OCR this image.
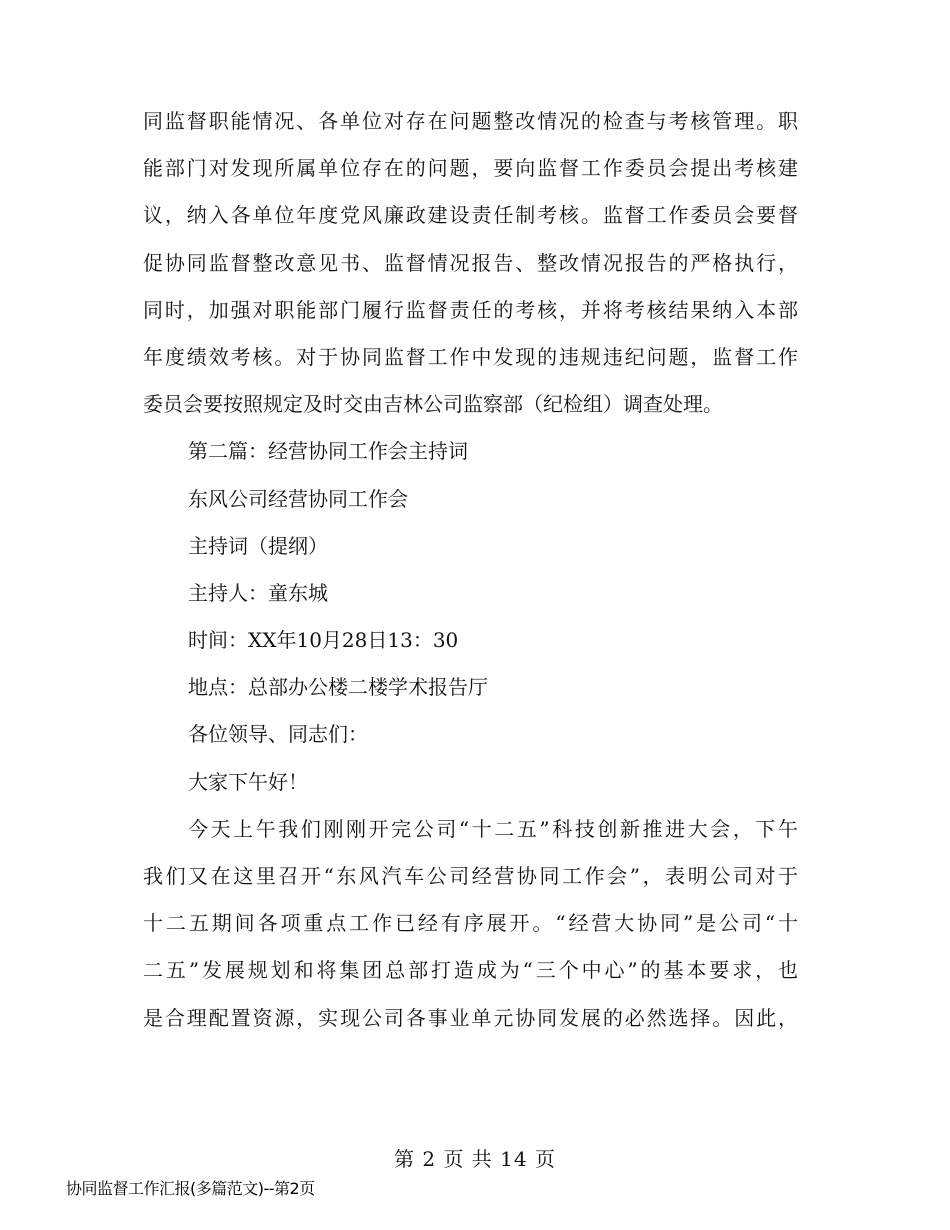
同监督职能情况、各单位对存在问题整改情况的检查与考核管理。职
能部门对发现所属单位存在的问题，要向监督工作委员会提出考核建
议，纳入各单位年度党风廉政建设责任制考核。监督工作委员会要督
促协同监督整改意见书、监督情况报告、整改情况报告的严格执行，
同时，加强对职能部门履行监督责任的考核，并将考核结果纳入本部
年度绩效考核。对于协同监督工作中发现的违规违纪问题，监督工作
委员会要按照规定及时交由吉林公司监察部（纪检组）调查处理。
第二篇：经营协同工作会主持词
东风公司经营协同工作会
主持词（提纲）
主持人：童东城
时间：XX年10月28日13：30
地点：总部办公楼二楼学术报告厅
各位领导、同志们：
大家下午好！
今天上午我们刚刚开完公司“十二五”科技创新推进大会，下午
我们又在这里召开“东风汽车公司经营协同工作会”，表明公司对于
十二五期间各项重点工作已经有序展开。“经营大协同”是公司“十
二五”发展规划和将集团总部打造成为“三个中心”的基本要求，也
是合理配置资源，实现公司各事业单元协同发展的必然选择。因此，
第 2 页 共 14 页
协同监督工作汇报(多篇范文)--第2页
